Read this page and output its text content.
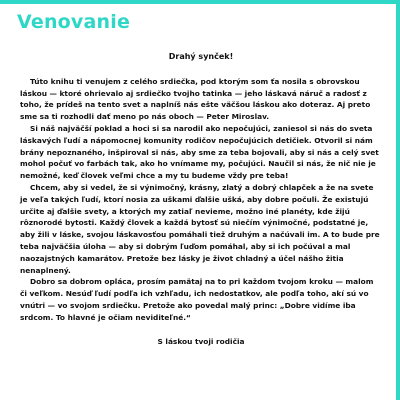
Venovanie

Drahý synček!

Túto knihu ti venujem z celého srdiečka, pod ktorým som ťa nosila s obrovskou láskou — ktoré ohrievalo aj srdiečko tvojho tatinka — jeho láskavá náruč a radosť z toho, že prídeš na tento svet a naplníš nás ešte väčšou láskou ako doteraz. Aj preto sme sa ti rozhodli dať meno po nás oboch — Peter Miroslav.

Si náš najväčší poklad a hoci si sa narodil ako nepočujúci, zaniesol si nás do sveta láskavých ľudí a nápomocnej komunity rodičov nepočujúcich detičiek. Otvoril si nám brány nepoznaného, inšpiroval si nás, aby sme za teba bojovali, aby si nás a celý svet mohol počuť vo farbách tak, ako ho vnímame my, počujúci. Naučil si nás, že nič nie je nemožné, keď človek veľmi chce a my tu budeme vždy pre teba!

Chcem, aby si vedel, že si výnimočný, krásny, zlatý a dobrý chlapček a že na svete je veľa takých ľudí, ktorí nosia za uškami ďalšie ušká, aby dobre počuli. Že existujú určite aj ďalšie svety, a ktorých my zatiaľ nevieme, možno iné planéty, kde žijú rôznorodé bytosti. Každý človek a každá bytosť sú niečím výnimočné, podstatné je, aby žili v láske, svojou láskavosťou pomáhali tiež druhým a načúvali im. A to bude pre teba najväčšia úloha — aby si dobrým ľuďom pomáhal, aby si ich počúval a mal naozajstných kamarátov. Pretože bez lásky je život chladný a účel nášho žitia nenaplnený.

Dobro sa dobrom opláca, prosím pamätaj na to pri každom tvojom kroku — malom či veľkom. Nesúď ľudí podľa ich vzhľadu, ich nedostatkov, ale podľa toho, akí sú vo vnútri — vo svojom srdiečku. Pretože ako povedal malý princ: „Dobre vidíme iba srdcom. To hlavné je očiam neviditeľné.“

S láskou tvoji rodičia
